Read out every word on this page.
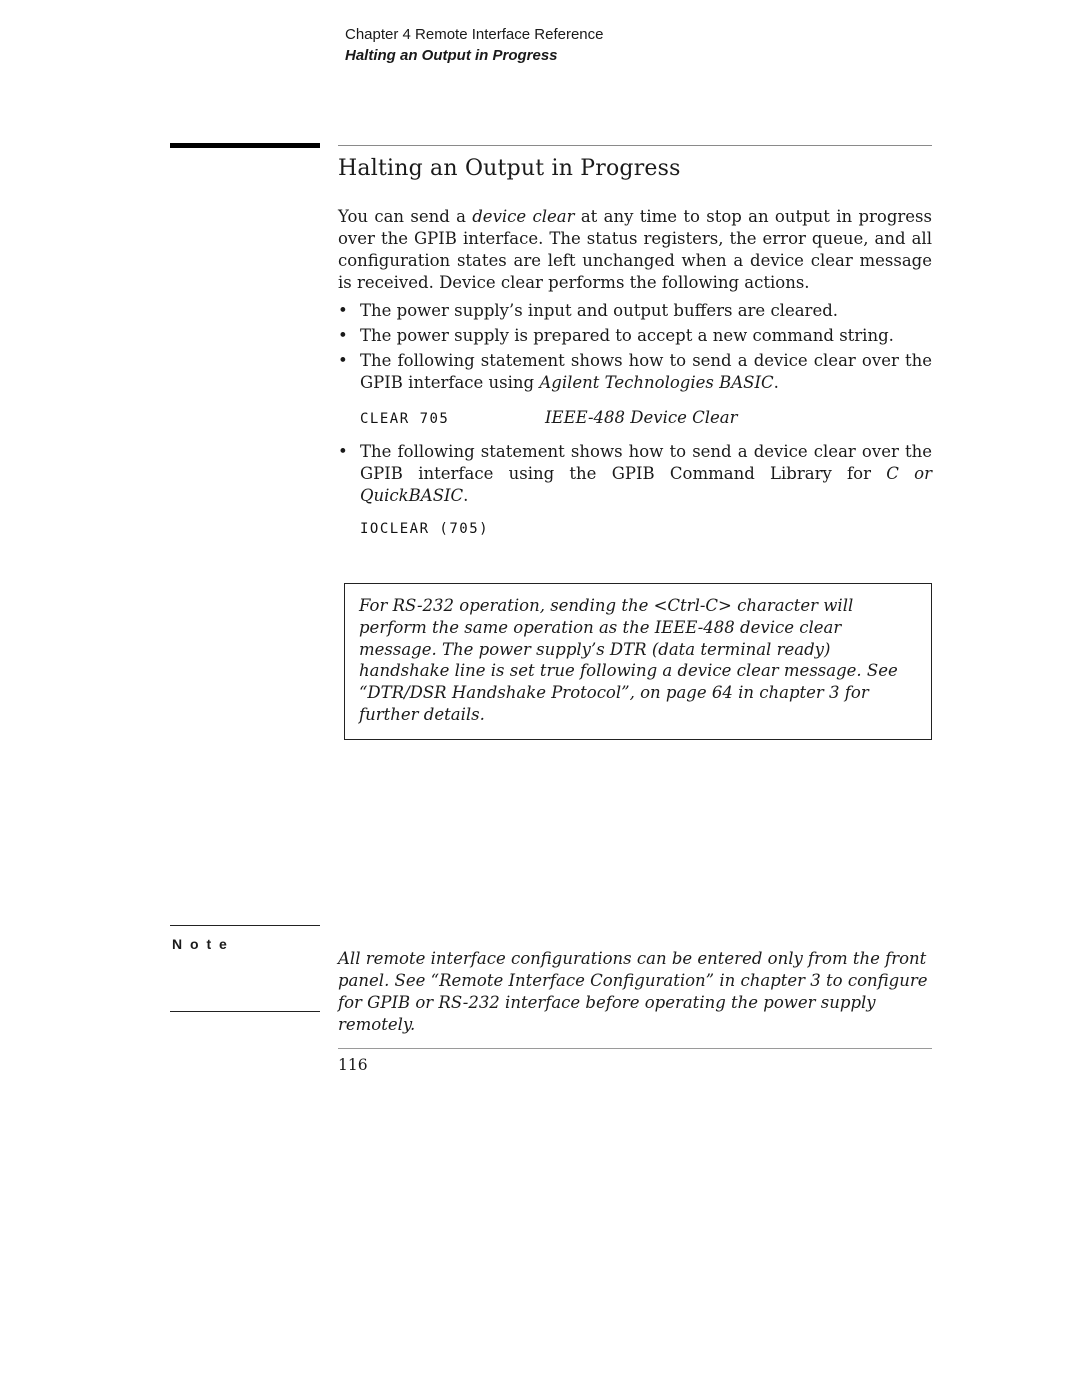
Chapter 4 Remote Interface Reference
Halting an Output in Progress
Halting an Output in Progress

You can send a device clear at any time to stop an output in progress over the GPIB interface. The status registers, the error queue, and all configuration states are left unchanged when a device clear message is received. Device clear performs the following actions.

• The power supply’s input and output buffers are cleared.
• The power supply is prepared to accept a new command string.
• The following statement shows how to send a device clear over the GPIB interface using Agilent Technologies BASIC.
CLEAR 705	IEEE-488 Device Clear
• The following statement shows how to send a device clear over the GPIB interface using the GPIB Command Library for C or QuickBASIC.
IOCLEAR (705)

For RS-232 operation, sending the <Ctrl-C> character will perform the same operation as the IEEE-488 device clear message. The power supply’s DTR (data terminal ready) handshake line is set true following a device clear message. See “DTR/DSR Handshake Protocol”, on page 64 in chapter 3 for further details.

N o t e

All remote interface configurations can be entered only from the front panel. See “Remote Interface Configuration” in chapter 3 to configure for GPIB or RS-232 interface before operating the power supply remotely.

116
